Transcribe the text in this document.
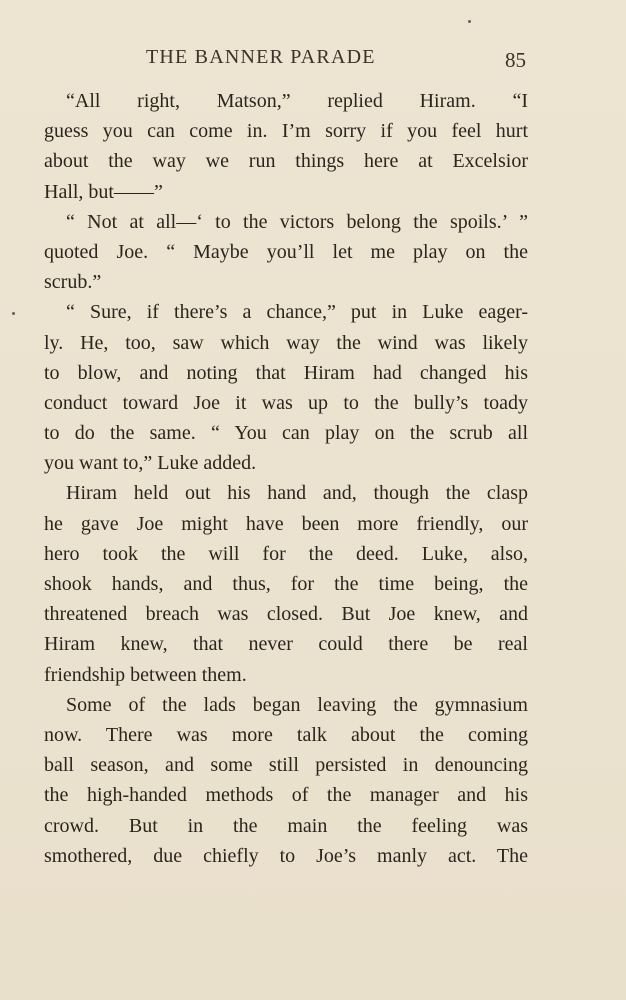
THE BANNER PARADE	85
“All right, Matson,” replied Hiram. “I
guess you can come in. I’m sorry if you feel hurt
about the way we run things here at Excelsior
Hall, but——”
“ Not at all—‘ to the victors belong the spoils.’ ”
quoted Joe. “ Maybe you’ll let me play on the
scrub.”
“ Sure, if there’s a chance,” put in Luke eager-
ly. He, too, saw which way the wind was likely
to blow, and noting that Hiram had changed his
conduct toward Joe it was up to the bully’s toady
to do the same. “ You can play on the scrub all
you want to,” Luke added.
Hiram held out his hand and, though the clasp
he gave Joe might have been more friendly, our
hero took the will for the deed. Luke, also,
shook hands, and thus, for the time being, the
threatened breach was closed. But Joe knew, and
Hiram knew, that never could there be real
friendship between them.
Some of the lads began leaving the gymnasium
now. There was more talk about the coming
ball season, and some still persisted in denouncing
the high-handed methods of the manager and his
crowd. But in the main the feeling was
smothered, due chiefly to Joe’s manly act. The
